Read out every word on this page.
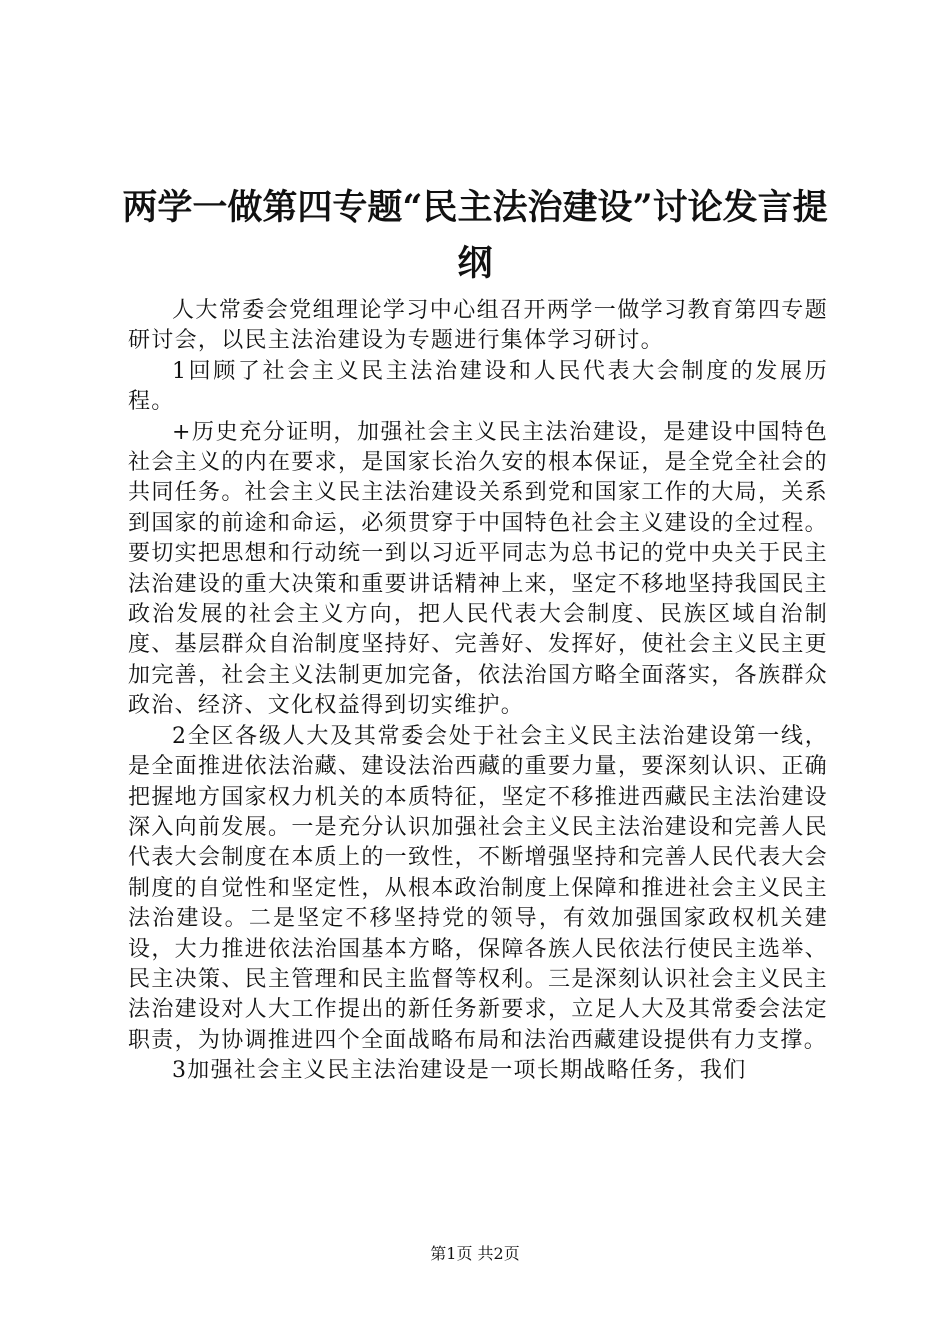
两学一做第四专题“民主法治建设”讨论发言提纲

人大常委会党组理论学习中心组召开两学一做学习教育第四专题研讨会，以民主法治建设为专题进行集体学习研讨。

1回顾了社会主义民主法治建设和人民代表大会制度的发展历程。

+历史充分证明，加强社会主义民主法治建设，是建设中国特色社会主义的内在要求，是国家长治久安的根本保证，是全党全社会的共同任务。社会主义民主法治建设关系到党和国家工作的大局，关系到国家的前途和命运，必须贯穿于中国特色社会主义建设的全过程。要切实把思想和行动统一到以习近平同志为总书记的党中央关于民主法治建设的重大决策和重要讲话精神上来，坚定不移地坚持我国民主政治发展的社会主义方向，把人民代表大会制度、民族区域自治制度、基层群众自治制度坚持好、完善好、发挥好，使社会主义民主更加完善，社会主义法制更加完备，依法治国方略全面落实，各族群众政治、经济、文化权益得到切实维护。

2全区各级人大及其常委会处于社会主义民主法治建设第一线，是全面推进依法治藏、建设法治西藏的重要力量，要深刻认识、正确把握地方国家权力机关的本质特征，坚定不移推进西藏民主法治建设深入向前发展。一是充分认识加强社会主义民主法治建设和完善人民代表大会制度在本质上的一致性，不断增强坚持和完善人民代表大会制度的自觉性和坚定性，从根本政治制度上保障和推进社会主义民主法治建设。二是坚定不移坚持党的领导，有效加强国家政权机关建设，大力推进依法治国基本方略，保障各族人民依法行使民主选举、民主决策、民主管理和民主监督等权利。三是深刻认识社会主义民主法治建设对人大工作提出的新任务新要求，立足人大及其常委会法定职责，为协调推进四个全面战略布局和法治西藏建设提供有力支撑。

3加强社会主义民主法治建设是一项长期战略任务，我们

第1页 共2页
